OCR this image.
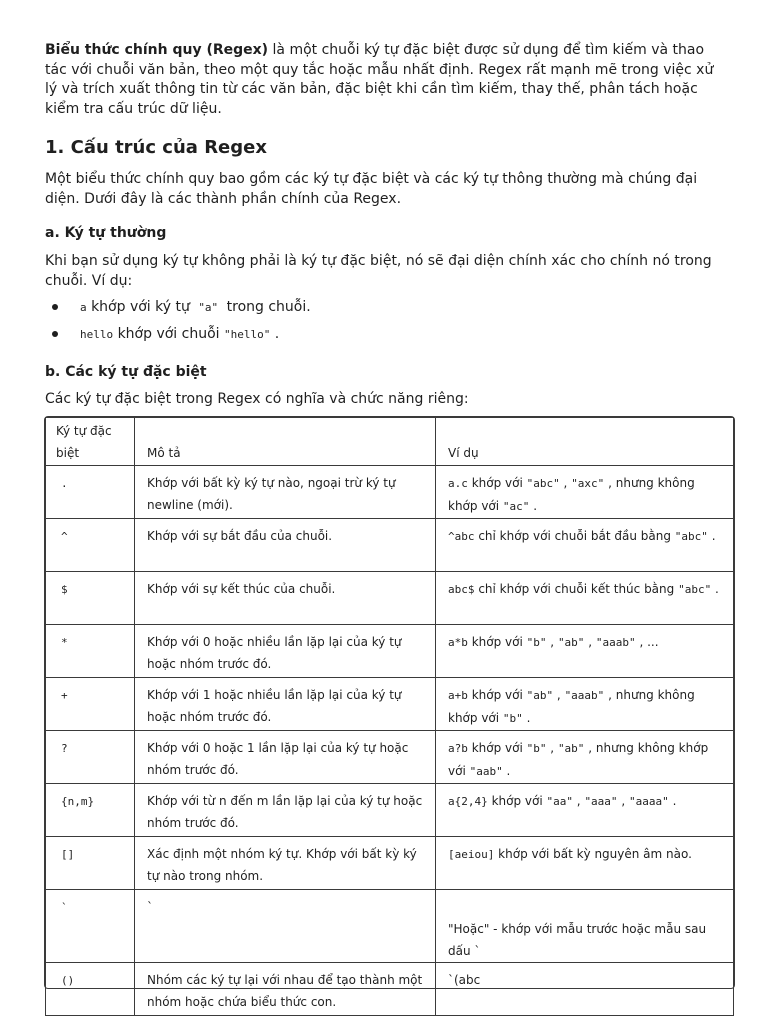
Biểu thức chính quy (Regex) là một chuỗi ký tự đặc biệt được sử dụng để tìm kiếm và thao tác với chuỗi văn bản, theo một quy tắc hoặc mẫu nhất định. Regex rất mạnh mẽ trong việc xử lý và trích xuất thông tin từ các văn bản, đặc biệt khi cần tìm kiếm, thay thế, phân tách hoặc kiểm tra cấu trúc dữ liệu.

1. Cấu trúc của Regex

Một biểu thức chính quy bao gồm các ký tự đặc biệt và các ký tự thông thường mà chúng đại diện. Dưới đây là các thành phần chính của Regex.

a. Ký tự thường

Khi bạn sử dụng ký tự không phải là ký tự đặc biệt, nó sẽ đại diện chính xác cho chính nó trong chuỗi. Ví dụ:

a khớp với ký tự "a" trong chuỗi.
hello khớp với chuỗi "hello" .
b. Các ký tự đặc biệt

Các ký tự đặc biệt trong Regex có nghĩa và chức năng riêng:

Ký tự đặc
biệt	Mô tả	Ví dụ

.	Khớp với bất kỳ ký tự nào, ngoại trừ ký tự newline (mới).	a.c khớp với "abc" , "axc" , nhưng không khớp với "ac" .
^	Khớp với sự bắt đầu của chuỗi.	^abc chỉ khớp với chuỗi bắt đầu bằng "abc" .
$	Khớp với sự kết thúc của chuỗi.	abc$ chỉ khớp với chuỗi kết thúc bằng "abc" .
*	Khớp với 0 hoặc nhiều lần lặp lại của ký tự hoặc nhóm trước đó.	a*b khớp với "b" , "ab" , "aaab" , ...
+	Khớp với 1 hoặc nhiều lần lặp lại của ký tự hoặc nhóm trước đó.	a+b khớp với "ab" , "aaab" , nhưng không khớp với "b" .
?	Khớp với 0 hoặc 1 lần lặp lại của ký tự hoặc nhóm trước đó.	a?b khớp với "b" , "ab" , nhưng không khớp với "aab" .
{n,m}	Khớp với từ n đến m lần lặp lại của ký tự hoặc nhóm trước đó.	a{2,4} khớp với "aa" , "aaa" , "aaaa" .
[]	Xác định một nhóm ký tự. Khớp với bất kỳ ký tự nào trong nhóm.	[aeiou] khớp với bất kỳ nguyên âm nào.
`	`	"Hoặc" - khớp với mẫu trước hoặc mẫu sau dấu `
()	Nhóm các ký tự lại với nhau để tạo thành một nhóm hoặc chứa biểu thức con.	`(abc
